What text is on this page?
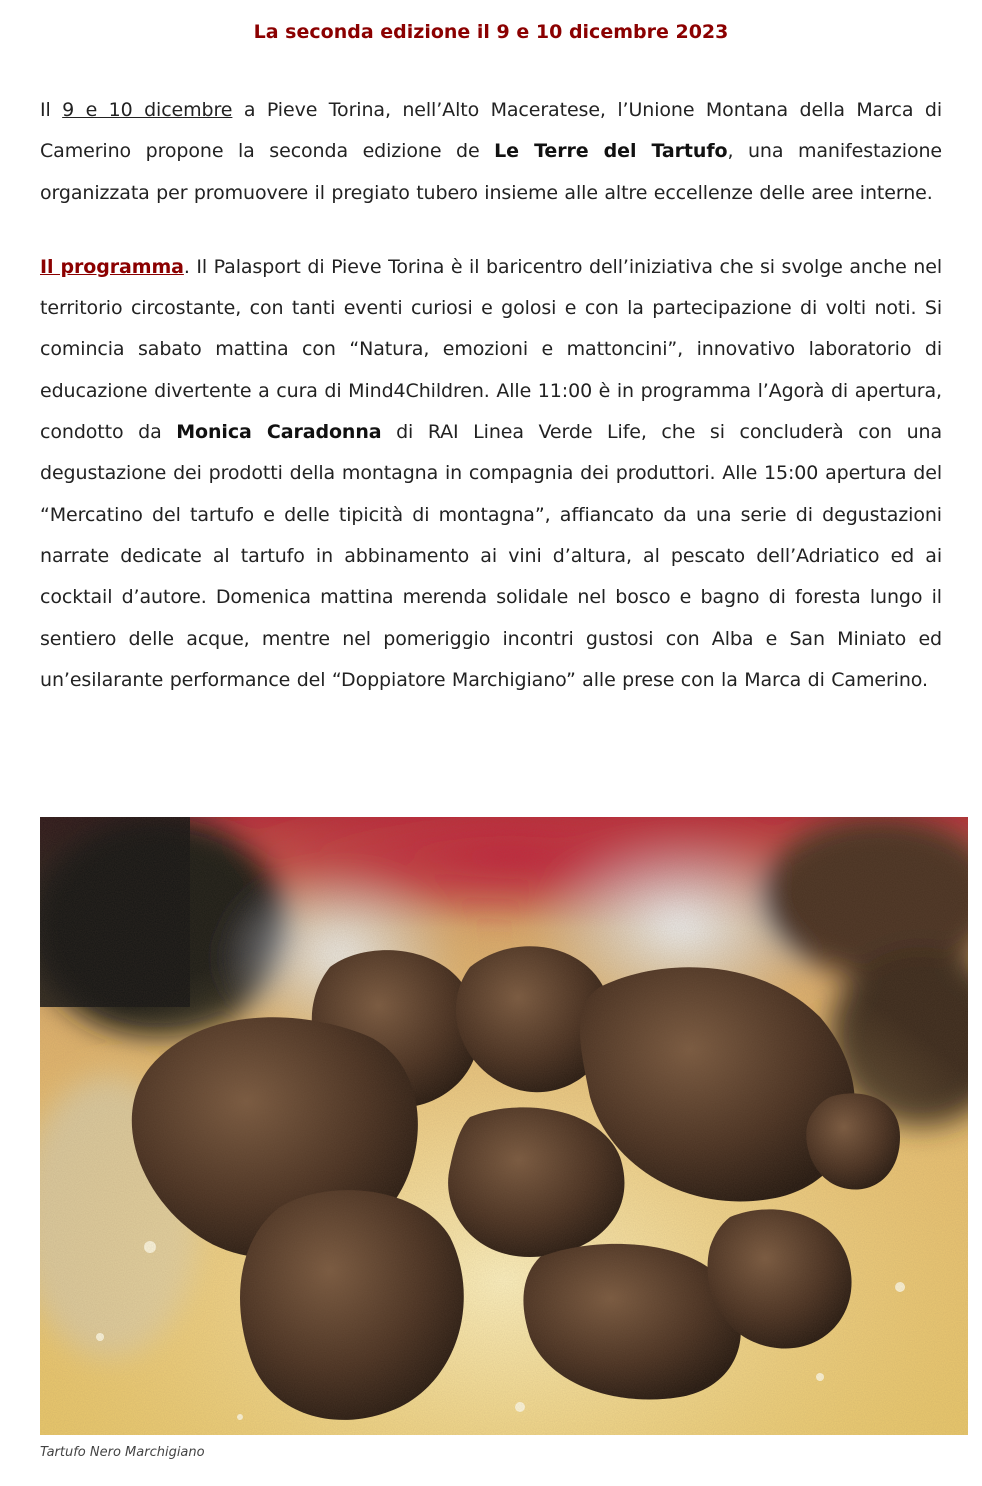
La seconda edizione il 9 e 10 dicembre 2023

Il 9 e 10 dicembre a Pieve Torina, nell’Alto Maceratese, l’Unione Montana della Marca di Camerino propone la seconda edizione de Le Terre del Tartufo, una manifestazione organizzata per promuovere il pregiato tubero insieme alle altre eccellenze delle aree interne.

Il programma. Il Palasport di Pieve Torina è il baricentro dell’iniziativa che si svolge anche nel territorio circostante, con tanti eventi curiosi e golosi e con la partecipazione di volti noti. Si comincia sabato mattina con “Natura, emozioni e mattoncini”, innovativo laboratorio di educazione divertente a cura di Mind4Children. Alle 11:00 è in programma l’Agorà di apertura, condotto da Monica Caradonna di RAI Linea Verde Life, che si concluderà con una degustazione dei prodotti della montagna in compagnia dei produttori. Alle 15:00 apertura del “Mercatino del tartufo e delle tipicità di montagna”, affiancato da una serie di degustazioni narrate dedicate al tartufo in abbinamento ai vini d’altura, al pescato dell’Adriatico ed ai cocktail d’autore. Domenica mattina merenda solidale nel bosco e bagno di foresta lungo il sentiero delle acque, mentre nel pomeriggio incontri gustosi con Alba e San Miniato ed un’esilarante performance del “Doppiatore Marchigiano” alle prese con la Marca di Camerino.

Tartufo Nero Marchigiano
